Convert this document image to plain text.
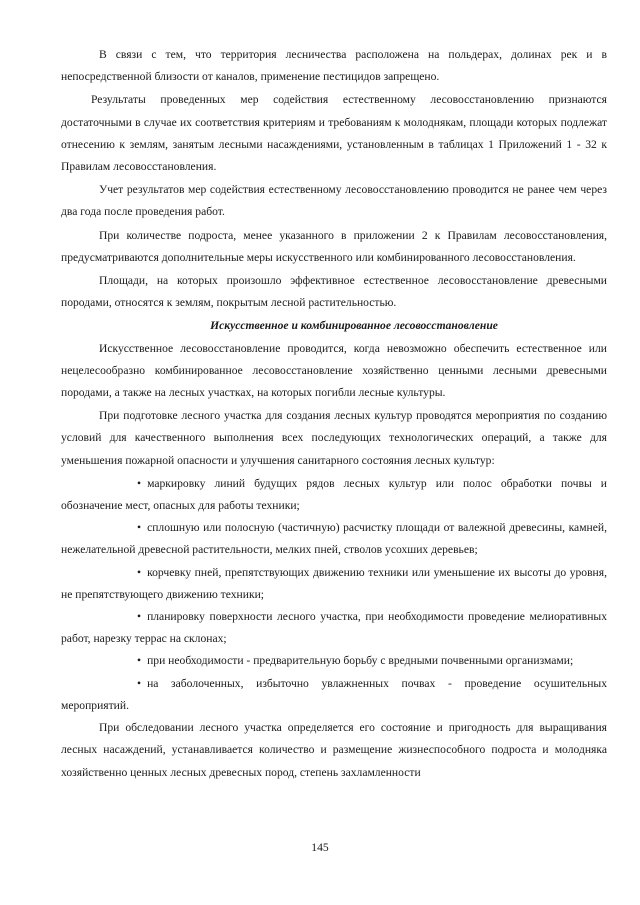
В связи с тем, что территория лесничества расположена на польдерах, долинах рек и в непосредственной близости от каналов, применение пестицидов запрещено.

Результаты проведенных мер содействия естественному лесовосстановлению признаются достаточными в случае их соответствия критериям и требованиям к молоднякам, площади которых подлежат отнесению к землям, занятым лесными насаждениями, установленным в таблицах 1 Приложений 1 - 32 к Правилам лесовосстановления.

Учет результатов мер содействия естественному лесовосстановлению проводится не ранее чем через два года после проведения работ.

При количестве подроста, менее указанного в приложении 2 к Правилам лесовосстановления, предусматриваются дополнительные меры искусственного или комбинированного лесовосстановления.

Площади, на которых произошло эффективное естественное лесовосстановление древесными породами, относятся к землям, покрытым лесной растительностью.

Искусственное и комбинированное лесовосстановление

Искусственное лесовосстановление проводится, когда невозможно обеспечить естественное или нецелесообразно комбинированное лесовосстановление хозяйственно ценными лесными древесными породами, а также на лесных участках, на которых погибли лесные культуры.

При подготовке лесного участка для создания лесных культур проводятся мероприятия по созданию условий для качественного выполнения всех последующих технологических операций, а также для уменьшения пожарной опасности и улучшения санитарного состояния лесных культур:

• маркировку линий будущих рядов лесных культур или полос обработки почвы и обозначение мест, опасных для работы техники;

• сплошную или полосную (частичную) расчистку площади от валежной древесины, камней, нежелательной древесной растительности, мелких пней, стволов усохших деревьев;

• корчевку пней, препятствующих движению техники или уменьшение их высоты до уровня, не препятствующего движению техники;

• планировку поверхности лесного участка, при необходимости проведение мелиоративных работ, нарезку террас на склонах;

• при необходимости - предварительную борьбу с вредными почвенными организмами;

• на заболоченных, избыточно увлажненных почвах - проведение осушительных мероприятий.

При обследовании лесного участка определяется его состояние и пригодность для выращивания лесных насаждений, устанавливается количество и размещение жизнеспособного подроста и молодняка хозяйственно ценных лесных древесных пород, степень захламленности

145
